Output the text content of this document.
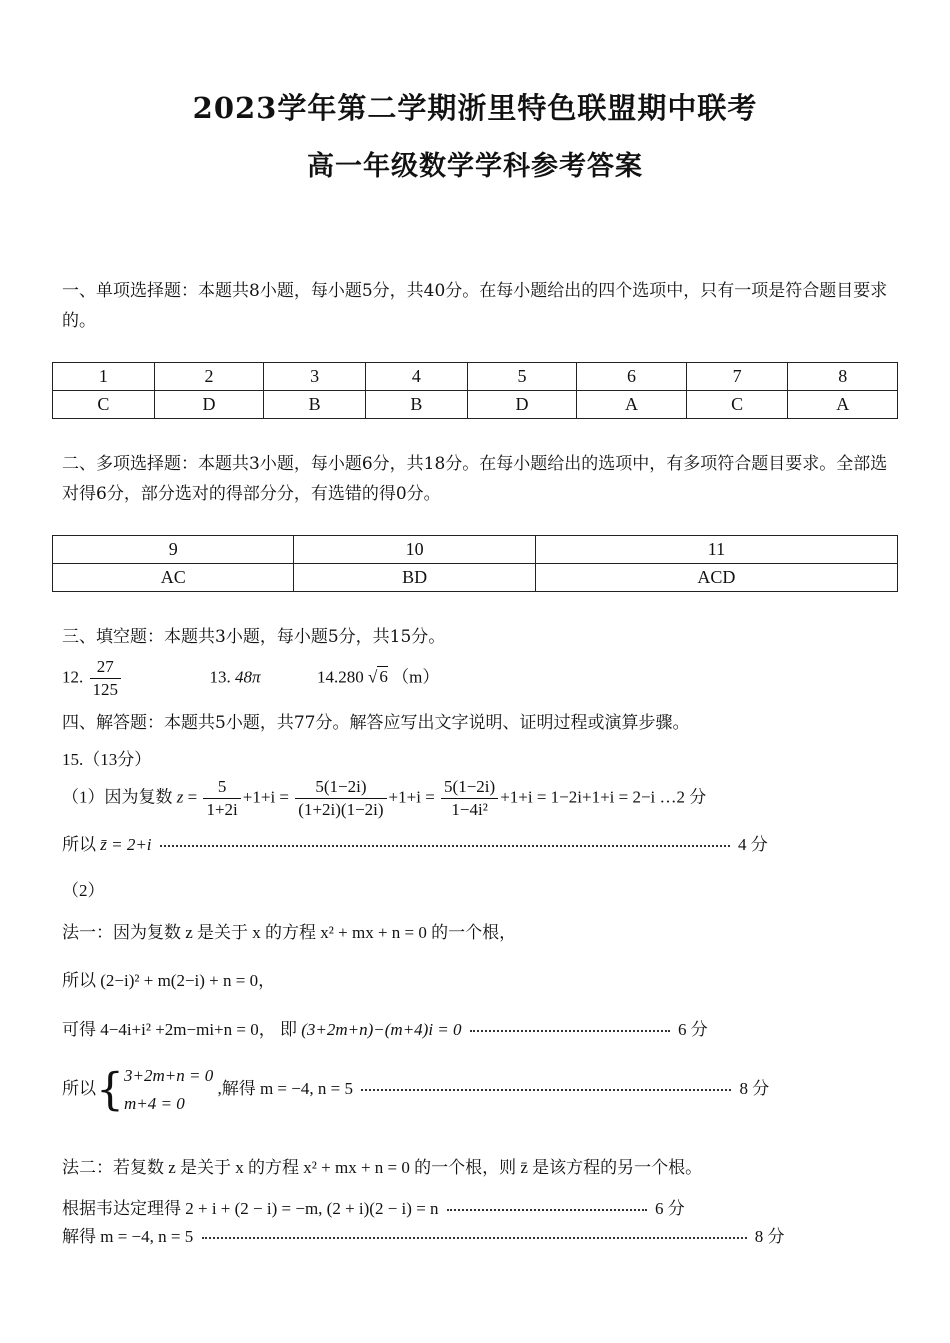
2023学年第二学期浙里特色联盟期中联考
高一年级数学学科参考答案
一、单项选择题：本题共8小题，每小题5分，共40分。在每小题给出的四个选项中，只有一项是符合题目要求的。
1	2	3	4	5	6	7	8
C	D	B	B	D	A	C	A
二、多项选择题：本题共3小题，每小题6分，共18分。在每小题给出的选项中，有多项符合题目要求。全部选对得6分，部分选对的得部分分，有选错的得0分。
9	10	11
AC	BD	ACD
三、填空题：本题共3小题，每小题5分，共15分。
12. $\frac{27}{125}$	13. 48π	14.280 √ 6 （m）
四、解答题：本题共5小题，共77分。解答应写出文字说明、证明过程或演算步骤。
15.（13分）
（1）因为复数 $z = \frac{5}{1+2i} +1+i = \frac{5(1-2i)}{(1+2i)(1-2i)} +1+i = \frac{5(1-2i)}{\text{1−4i²}} +1+i = 1-2i+1+i = 2-i$ …2 分
所以 z̄ = 2+i	4 分
（2）
法一：因为复数 z 是关于 x 的方程 x² + mx + n = 0 的一个根，
所以 (2−i)² + m(2−i) + n = 0，
可得 4−4i+i² +2m−mi+n = 0， 即 (3+2m+n)−(m+4)i = 0	6 分
所以{ 3+2m+n = 0
m+4 = 0
,解得 m = −4, n = 5	8 分
法二：若复数 z 是关于 x 的方程 x² + mx + n = 0 的一个根，则 z̄ 是该方程的另一个根。
根据韦达定理得 2 + i + (2 − i) = −m, (2 + i)(2 − i) = n	6 分
解得 m = −4, n = 5	8 分
